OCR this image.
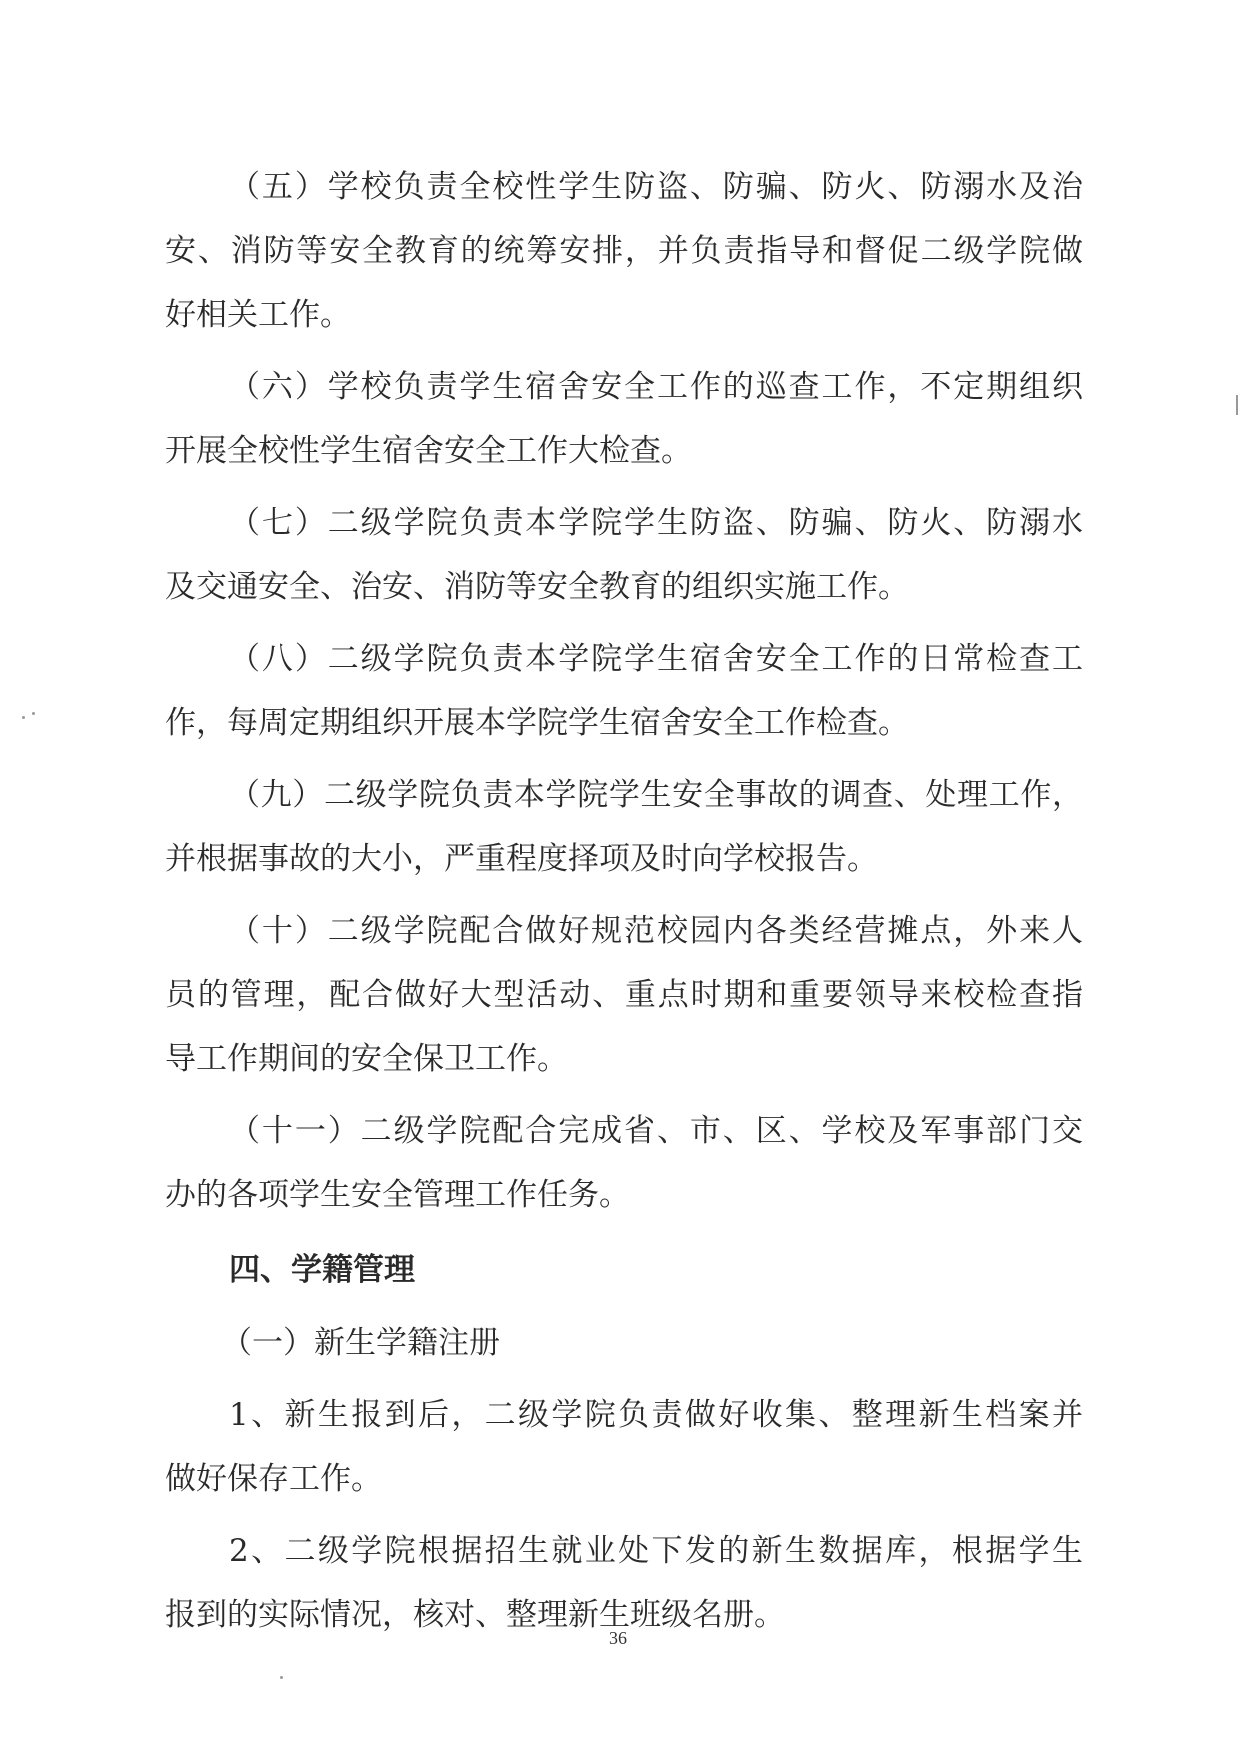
（五）学校负责全校性学生防盗、防骗、防火、防溺水及治
安、消防等安全教育的统筹安排，并负责指导和督促二级学院做
好相关工作。
（六）学校负责学生宿舍安全工作的巡查工作，不定期组织
开展全校性学生宿舍安全工作大检查。
（七）二级学院负责本学院学生防盗、防骗、防火、防溺水
及交通安全、治安、消防等安全教育的组织实施工作。
（八）二级学院负责本学院学生宿舍安全工作的日常检查工
作，每周定期组织开展本学院学生宿舍安全工作检查。
（九）二级学院负责本学院学生安全事故的调查、处理工作，
并根据事故的大小，严重程度择项及时向学校报告。
（十）二级学院配合做好规范校园内各类经营摊点，外来人
员的管理，配合做好大型活动、重点时期和重要领导来校检查指
导工作期间的安全保卫工作。
（十一）二级学院配合完成省、市、区、学校及军事部门交
办的各项学生安全管理工作任务。
四、学籍管理
（一）新生学籍注册
1、新生报到后，二级学院负责做好收集、整理新生档案并
做好保存工作。
2、二级学院根据招生就业处下发的新生数据库，根据学生
报到的实际情况，核对、整理新生班级名册。
36
